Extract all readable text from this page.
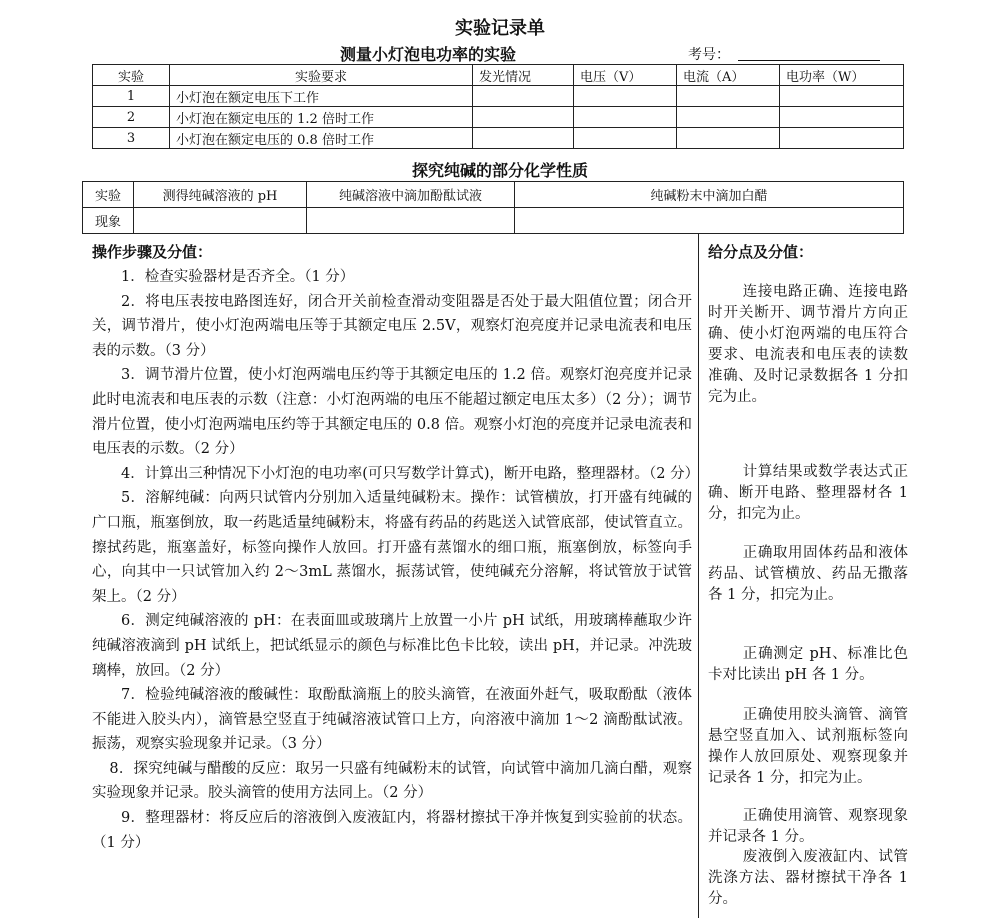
实验记录单
测量小灯泡电功率的实验	考号：
实验	实验要求	发光情况	电压（V）	电流（A）	电功率（W）
1	小灯泡在额定电压下工作				
2	小灯泡在额定电压的 1.2 倍时工作				
3	小灯泡在额定电压的 0.8 倍时工作				
探究纯碱的部分化学性质
实验	测得纯碱溶液的 pH	纯碱溶液中滴加酚酞试液	纯碱粉末中滴加白醋
现象			
操作步骤及分值：	给分点及分值：

1．检查实验器材是否齐全。（1 分）

2．将电压表按电路图连好，闭合开关前检查滑动变阻器是否处于最大阻值位置；闭合开关，调节滑片，使小灯泡两端电压等于其额定电压 2.5V，观察灯泡亮度并记录电流表和电压表的示数。（3 分）

3．调节滑片位置，使小灯泡两端电压约等于其额定电压的 1.2 倍。观察灯泡亮度并记录此时电流表和电压表的示数（注意：小灯泡两端的电压不能超过额定电压太多）（2 分）；调节滑片位置，使小灯泡两端电压约等于其额定电压的 0.8 倍。观察小灯泡的亮度并记录电流表和电压表的示数。（2 分）

4．计算出三种情况下小灯泡的电功率(可只写数学计算式)，断开电路，整理器材。（2 分）

5．溶解纯碱：向两只试管内分别加入适量纯碱粉末。操作：试管横放，打开盛有纯碱的广口瓶，瓶塞倒放，取一药匙适量纯碱粉末，将盛有药品的药匙送入试管底部，使试管直立。擦拭药匙，瓶塞盖好，标签向操作人放回。打开盛有蒸馏水的细口瓶，瓶塞倒放，标签向手心，向其中一只试管加入约 2～3mL 蒸馏水，振荡试管，使纯碱充分溶解，将试管放于试管架上。（2 分）

6．测定纯碱溶液的 pH：在表面皿或玻璃片上放置一小片 pH 试纸，用玻璃棒蘸取少许纯碱溶液滴到 pH 试纸上，把试纸显示的颜色与标准比色卡比较，读出 pH，并记录。冲洗玻璃棒，放回。（2 分）

7．检验纯碱溶液的酸碱性：取酚酞滴瓶上的胶头滴管，在液面外赶气，吸取酚酞（液体不能进入胶头内），滴管悬空竖直于纯碱溶液试管口上方，向溶液中滴加 1～2 滴酚酞试液。振荡，观察实验现象并记录。（3 分）

8．探究纯碱与醋酸的反应：取另一只盛有纯碱粉末的试管，向试管中滴加几滴白醋，观察实验现象并记录。胶头滴管的使用方法同上。（2 分）

9．整理器材：将反应后的溶液倒入废液缸内，将器材擦拭干净并恢复到实验前的状态。（1 分）

连接电路正确、连接电路时开关断开、调节滑片方向正确、使小灯泡两端的电压符合要求、电流表和电压表的读数准确、及时记录数据各 1 分扣完为止。
计算结果或数学表达式正确、断开电路、整理器材各 1 分，扣完为止。
正确取用固体药品和液体药品、试管横放、药品无撒落各 1 分，扣完为止。
正确测定 pH、标准比色卡对比读出 pH 各 1 分。
正确使用胶头滴管、滴管悬空竖直加入、试剂瓶标签向操作人放回原处、观察现象并记录各 1 分，扣完为止。
正确使用滴管、观察现象并记录各 1 分。
废液倒入废液缸内、试管洗涤方法、器材擦拭干净各 1 分。
